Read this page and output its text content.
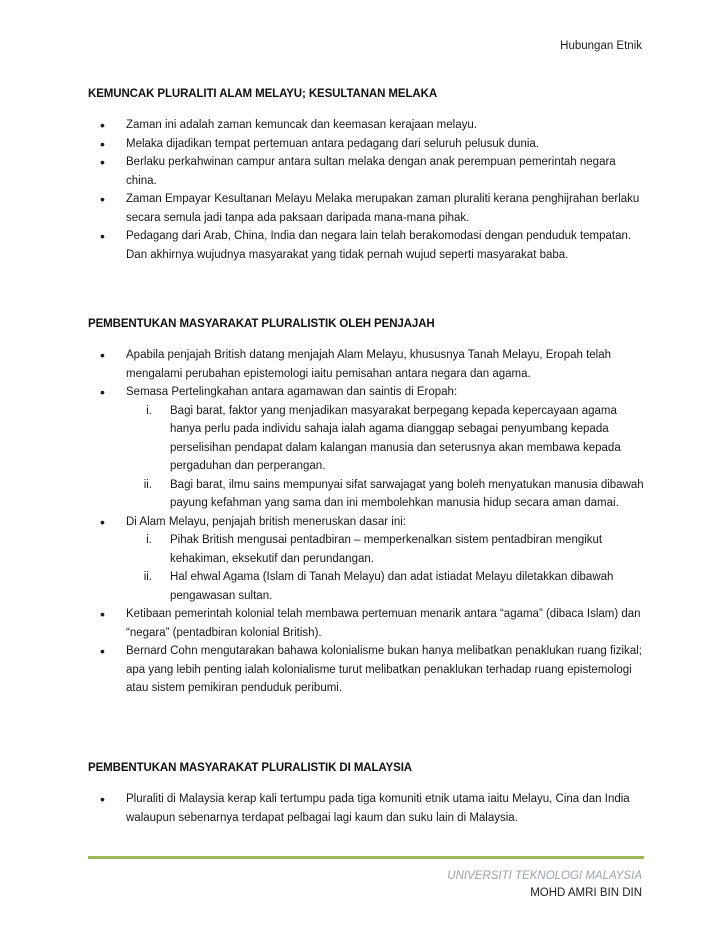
Hubungan Etnik
KEMUNCAK PLURALITI ALAM MELAYU; KESULTANAN MELAKA
• Zaman ini adalah zaman kemuncak dan keemasan kerajaan melayu.
• Melaka dijadikan tempat pertemuan antara pedagang dari seluruh pelusuk dunia.
• Berlaku perkahwinan campur antara sultan melaka dengan anak perempuan pemerintah negara china.
• Zaman Empayar Kesultanan Melayu Melaka merupakan zaman pluraliti kerana penghijrahan berlaku secara semula jadi tanpa ada paksaan daripada mana-mana pihak.
• Pedagang dari Arab, China, India dan negara lain telah berakomodasi dengan penduduk tempatan. Dan akhirnya wujudnya masyarakat yang tidak pernah wujud seperti masyarakat baba.
PEMBENTUKAN MASYARAKAT PLURALISTIK OLEH PENJAJAH
• Apabila penjajah British datang menjajah Alam Melayu, khususnya Tanah Melayu, Eropah telah mengalami perubahan epistemologi iaitu pemisahan antara negara dan agama.
• Semasa Pertelingkahan antara agamawan dan saintis di Eropah:
i. Bagi barat, faktor yang menjadikan masyarakat berpegang kepada kepercayaan agama hanya perlu pada individu sahaja ialah agama dianggap sebagai penyumbang kepada perselisihan pendapat dalam kalangan manusia dan seterusnya akan membawa kepada pergaduhan dan perperangan.
ii. Bagi barat, ilmu sains mempunyai sifat sarwajagat yang boleh menyatukan manusia dibawah payung kefahman yang sama dan ini membolehkan manusia hidup secara aman damai.
• Di Alam Melayu, penjajah british meneruskan dasar ini:
i. Pihak British mengusai pentadbiran – memperkenalkan sistem pentadbiran mengikut kehakiman, eksekutif dan perundangan.
ii. Hal ehwal Agama (Islam di Tanah Melayu) dan adat istiadat Melayu diletakkan dibawah pengawasan sultan.
• Ketibaan pemerintah kolonial telah membawa pertemuan menarik antara “agama” (dibaca Islam) dan “negara” (pentadbiran kolonial British).
• Bernard Cohn mengutarakan bahawa kolonialisme bukan hanya melibatkan penaklukan ruang fizikal; apa yang lebih penting ialah kolonialisme turut melibatkan penaklukan terhadap ruang epistemologi atau sistem pemikiran penduduk peribumi.
PEMBENTUKAN MASYARAKAT PLURALISTIK DI MALAYSIA
• Pluraliti di Malaysia kerap kali tertumpu pada tiga komuniti etnik utama iaitu Melayu, Cina dan India walaupun sebenarnya terdapat pelbagai lagi kaum dan suku lain di Malaysia.
UNIVERSITI TEKNOLOGI MALAYSIA
MOHD AMRI BIN DIN
